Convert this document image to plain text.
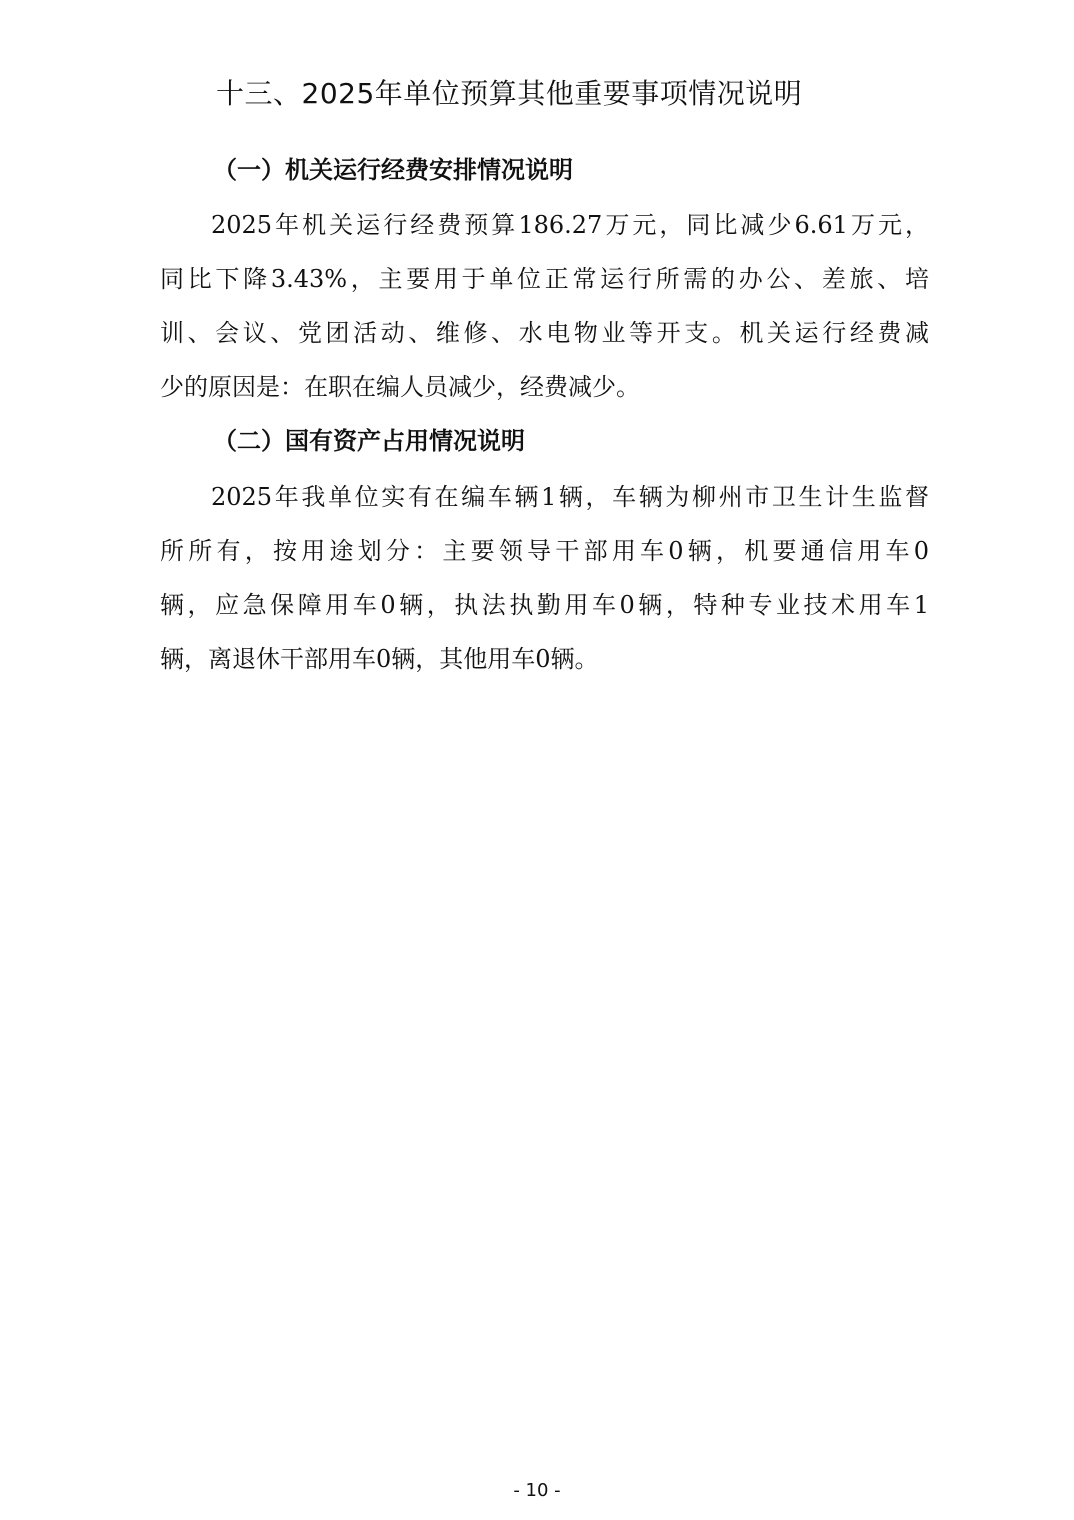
十三、2025年单位预算其他重要事项情况说明
（一）机关运行经费安排情况说明

2025年机关运行经费预算186.27万元，同比减少6.61万元，
同比下降3.43%，主要用于单位正常运行所需的办公、差旅、培
训、会议、党团活动、维修、水电物业等开支。机关运行经费减
少的原因是：在职在编人员减少，经费减少。

（二）国有资产占用情况说明

2025年我单位实有在编车辆1辆，车辆为柳州市卫生计生监督
所所有，按用途划分：主要领导干部用车0辆，机要通信用车0
辆，应急保障用车0辆，执法执勤用车0辆，特种专业技术用车1
辆，离退休干部用车0辆，其他用车0辆。

- 10 -
